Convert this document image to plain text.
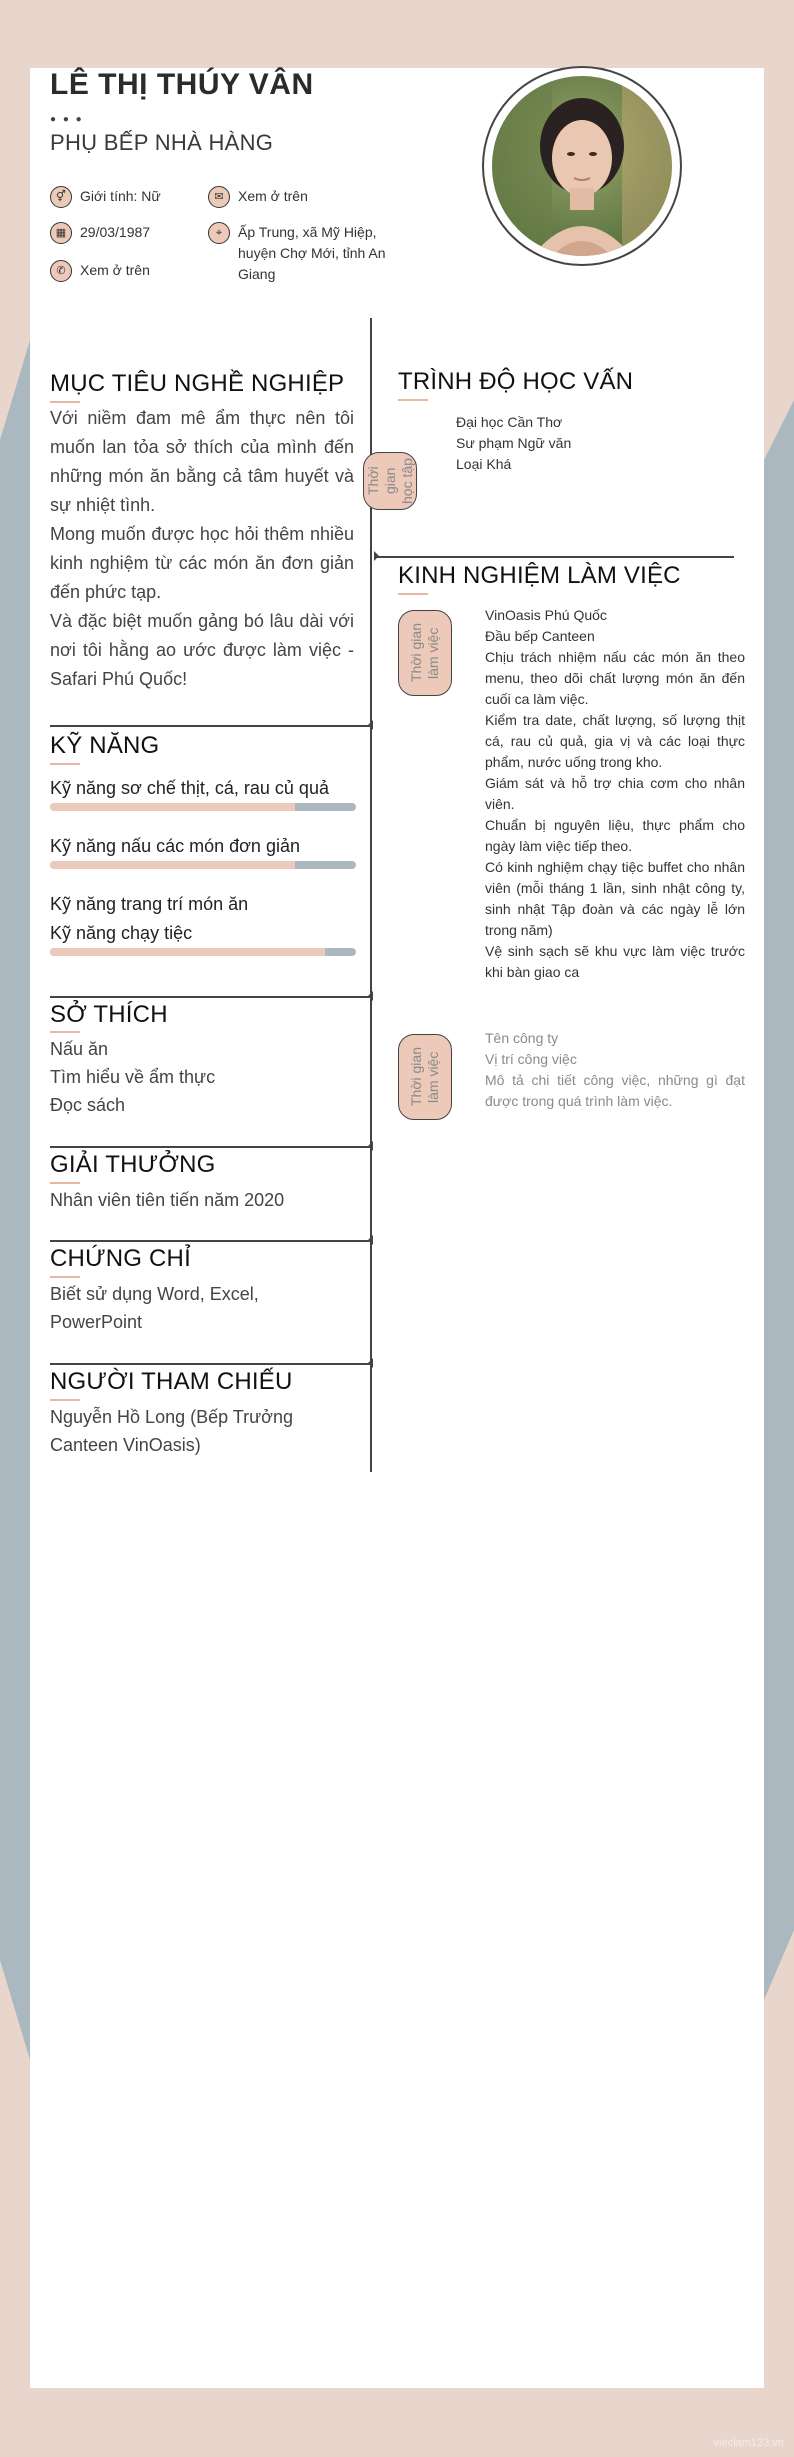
LÊ THỊ THÚY VÂN
● ● ●
PHỤ BẾP NHÀ HÀNG
⚥	Giới tính: Nữ	✉	Xem ở trên
▦ 29/03/1987	⌖	Ấp Trung, xã Mỹ Hiệp, huyện Chợ Mới, tỉnh An Giang
✆	Xem ở trên
MỤC TIÊU NGHỀ NGHIỆP
Với niềm đam mê ẩm thực nên tôi muốn lan tỏa sở thích của mình đến những món ăn bằng cả tâm huyết và sự nhiệt tình.
Mong muốn được học hỏi thêm nhiều kinh nghiệm từ các món ăn đơn giản đến phức tạp.
Và đặc biệt muốn gảng bó lâu dài với nơi tôi hằng ao ước được làm việc - Safari Phú Quốc!
KỸ NĂNG
Kỹ năng sơ chế thịt, cá, rau củ quả
Kỹ năng nấu các món đơn giản
Kỹ năng trang trí món ăn
Kỹ năng chạy tiệc
SỞ THÍCH
Nấu ăn
Tìm hiểu về ẩm thực
Đọc sách
GIẢI THƯỞNG
Nhân viên tiên tiến năm 2020
CHỨNG CHỈ
Biết sử dụng Word, Excel, PowerPoint
NGƯỜI THAM CHIẾU
Nguyễn Hồ Long (Bếp Trưởng Canteen VinOasis)
TRÌNH ĐỘ HỌC VẤN
Thời gian học tập
Đại học Cần Thơ
Sư phạm Ngữ văn
Loại Khá
KINH NGHIỆM LÀM VIỆC
Thời gian làm việc
VinOasis Phú Quốc
Đầu bếp Canteen
Chịu trách nhiệm nấu các món ăn theo menu, theo dõi chất lượng món ăn đến cuối ca làm việc.
Kiểm tra date, chất lượng, số lượng thịt cá, rau củ quả, gia vị và các loại thực phẩm, nước uống trong kho.
Giám sát và hỗ trợ chia cơm cho nhân viên.
Chuẩn bị nguyên liệu, thực phẩm cho ngày làm việc tiếp theo.
Có kinh nghiệm chạy tiệc buffet cho nhân viên (mỗi tháng 1 lần, sinh nhật công ty, sinh nhật Tập đoàn và các ngày lễ lớn trong năm)
Vệ sinh sạch sẽ khu vực làm việc trước khi bàn giao ca
Thời gian làm việc
Tên công ty
Vị trí công việc
Mô tả chi tiết công việc, những gì đạt được trong quá trình làm việc.
vieclam123.vn
